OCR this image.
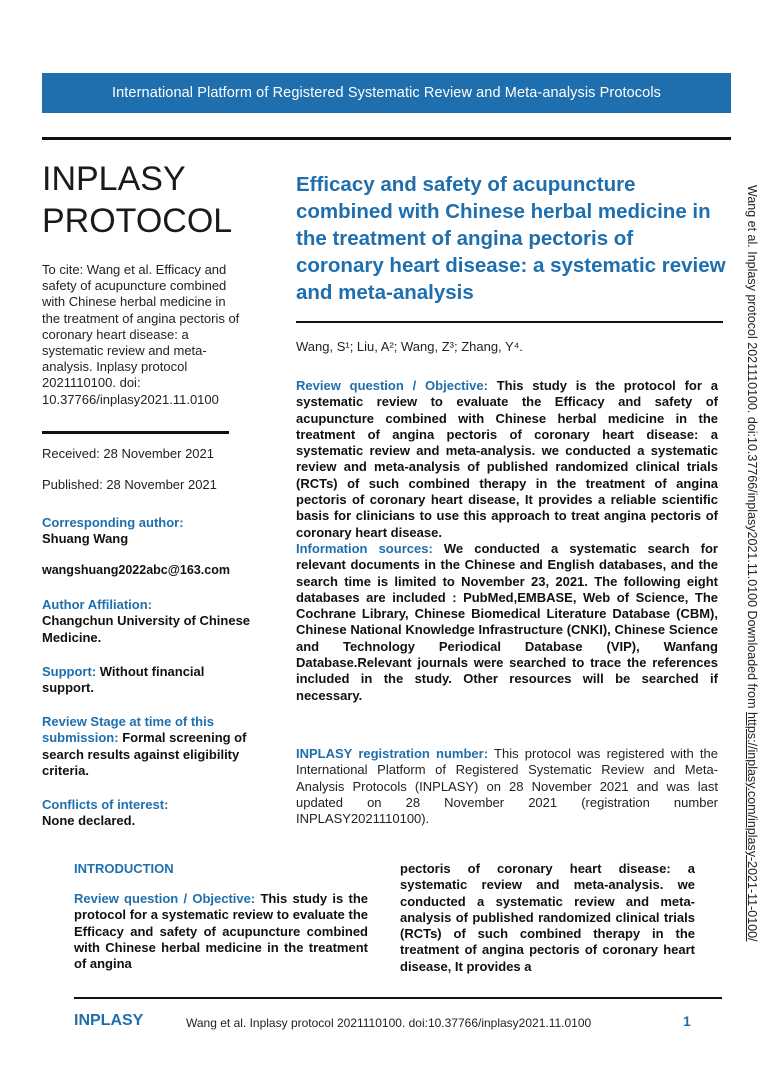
International Platform of Registered Systematic Review and Meta-analysis Protocols
INPLASY
PROTOCOL
To cite: Wang et al. Efficacy and safety of acupuncture combined with Chinese herbal medicine in the treatment of angina pectoris of coronary heart disease: a systematic review and meta-analysis. Inplasy protocol 2021110100. doi: 10.37766/inplasy2021.11.0100
Received: 28 November 2021
Published: 28 November 2021
Corresponding author:
Shuang Wang
wangshuang2022abc@163.com
Author Affiliation:
Changchun University of Chinese Medicine.
Support: Without financial support.
Review Stage at time of this submission: Formal screening of search results against eligibility criteria.
Conflicts of interest:
None declared.
Efficacy and safety of acupuncture combined with Chinese herbal medicine in the treatment of angina pectoris of coronary heart disease: a systematic review and meta-analysis
Wang, S¹; Liu, A²; Wang, Z³; Zhang, Y⁴.
Review question / Objective: This study is the protocol for a systematic review to evaluate the Efficacy and safety of acupuncture combined with Chinese herbal medicine in the treatment of angina pectoris of coronary heart disease: a systematic review and meta-analysis. we conducted a systematic review and meta-analysis of published randomized clinical trials (RCTs) of such combined therapy in the treatment of angina pectoris of coronary heart disease, It provides a reliable scientific basis for clinicians to use this approach to treat angina pectoris of coronary heart disease.
Information sources: We conducted a systematic search for relevant documents in the Chinese and English databases, and the search time is limited to November 23, 2021. The following eight databases are included : PubMed,EMBASE, Web of Science, The Cochrane Library, Chinese Biomedical Literature Database (CBM), Chinese National Knowledge Infrastructure (CNKI), Chinese Science and Technology Periodical Database (VIP), Wanfang Database.Relevant journals were searched to trace the references included in the study. Other resources will be searched if necessary.
INPLASY registration number: This protocol was registered with the International Platform of Registered Systematic Review and Meta-Analysis Protocols (INPLASY) on 28 November 2021 and was last updated on 28 November 2021 (registration number INPLASY2021110100).
INTRODUCTION
Review question / Objective: This study is the protocol for a systematic review to evaluate the Efficacy and safety of acupuncture combined with Chinese herbal medicine in the treatment of angina
pectoris of coronary heart disease: a systematic review and meta-analysis. we conducted a systematic review and meta-analysis of published randomized clinical trials (RCTs) of such combined therapy in the treatment of angina pectoris of coronary heart disease, It provides a
INPLASY	Wang et al. Inplasy protocol 2021110100. doi:10.37766/inplasy2021.11.0100	1
Wang et al. Inplasy protocol 2021110100. doi:10.37766/inplasy2021.11.0100 Downloaded from https://inplasy.com/inplasy-2021-11-0100/
